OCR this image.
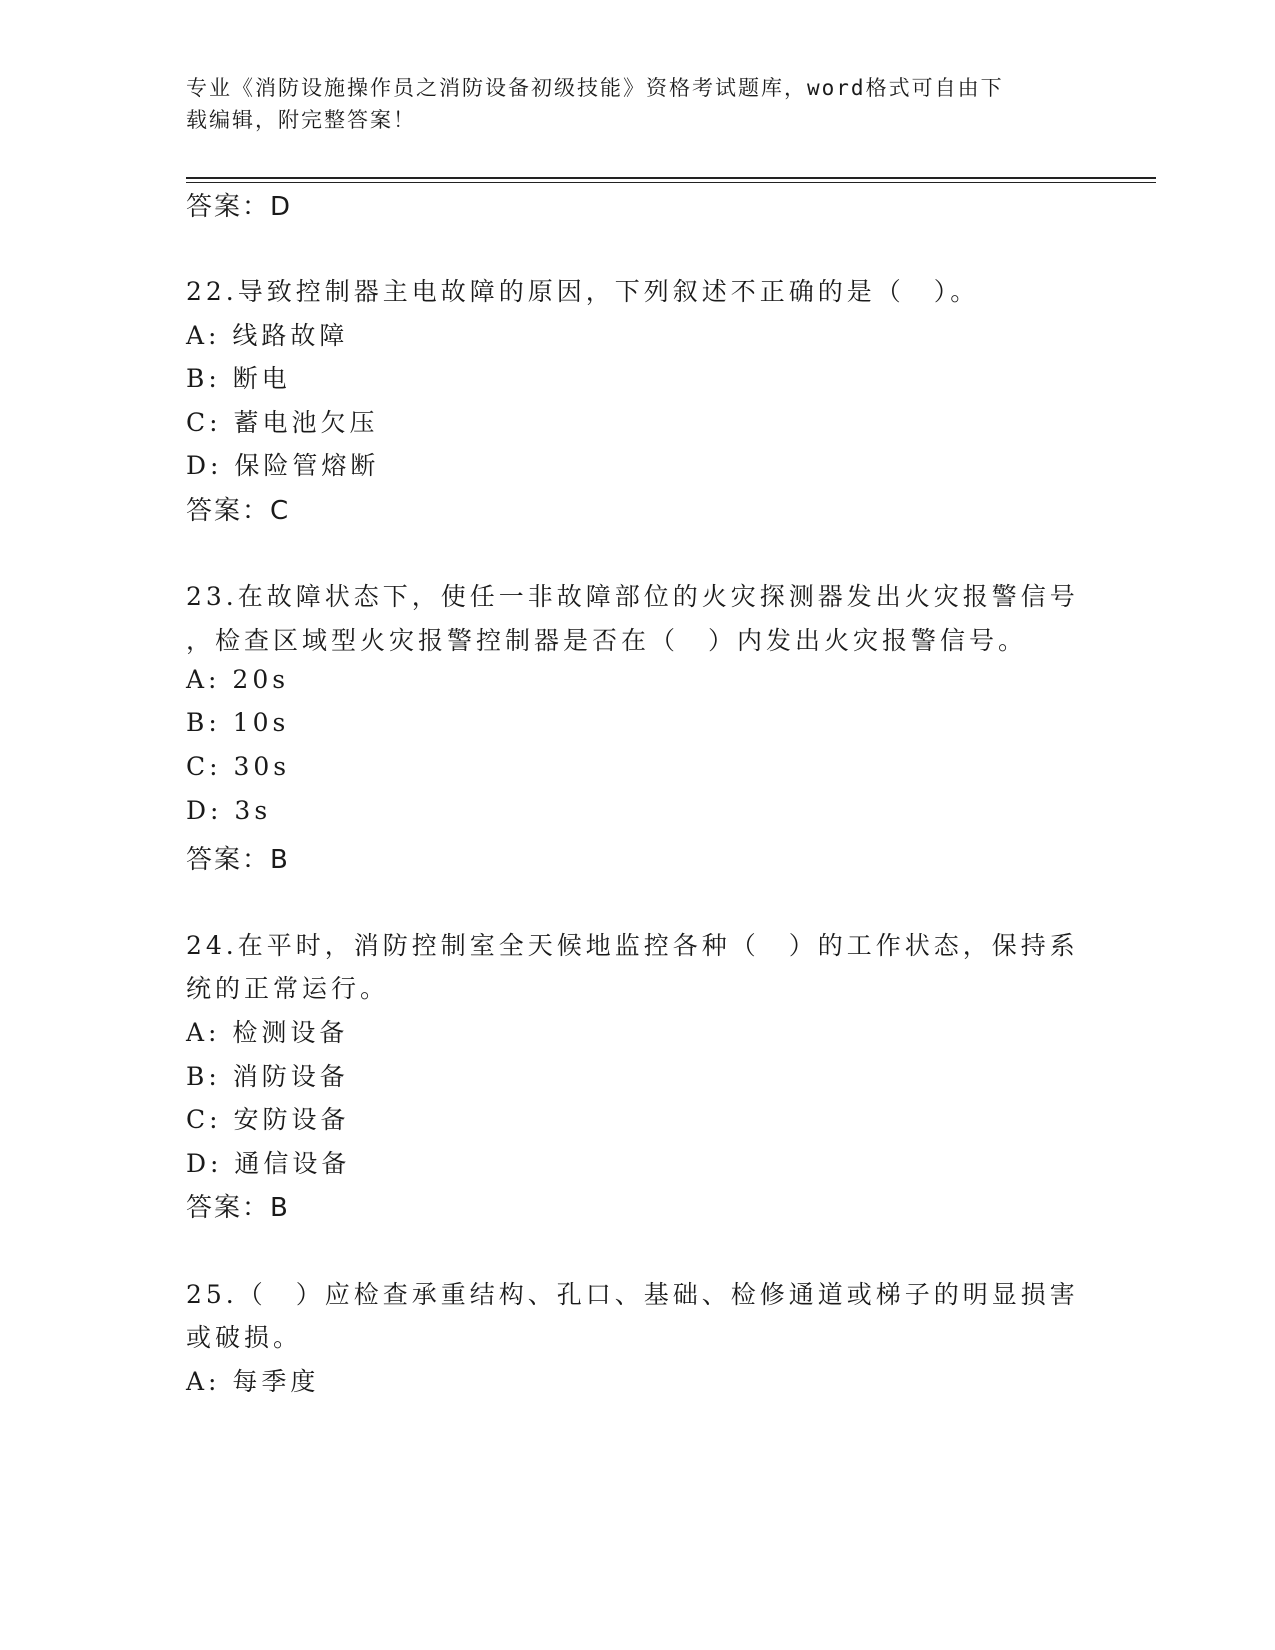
专业《消防设施操作员之消防设备初级技能》资格考试题库，word格式可自由下
载编辑，附完整答案！
答案：D
22.导致控制器主电故障的原因，下列叙述不正确的是（　）。
A: 线路故障
B: 断电
C: 蓄电池欠压
D: 保险管熔断
答案：C
23.在故障状态下，使任一非故障部位的火灾探测器发出火灾报警信号
，检查区域型火灾报警控制器是否在（　）内发出火灾报警信号。
A: 20s
B: 10s
C: 30s
D: 3s
答案：B
24.在平时，消防控制室全天候地监控各种（　）的工作状态，保持系
统的正常运行。
A: 检测设备
B: 消防设备
C: 安防设备
D: 通信设备
答案：B
25.（　）应检查承重结构、孔口、基础、检修通道或梯子的明显损害
或破损。
A: 每季度
